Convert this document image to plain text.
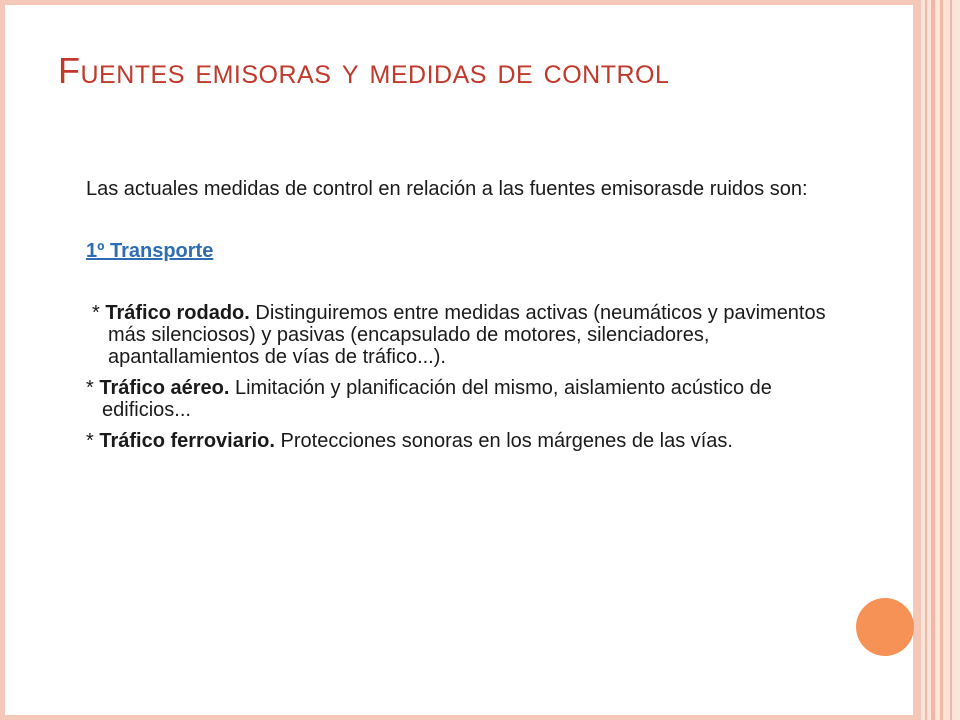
Fuentes emisoras y medidas de control

Las actuales medidas de control en relación a las fuentes emisorasde ruidos son:

1º Transporte

* Tráfico rodado. Distinguiremos entre medidas activas (neumáticos y pavimentos más silenciosos) y pasivas (encapsulado de motores, silenciadores, apantallamientos de vías de tráfico...).

* Tráfico aéreo. Limitación y planificación del mismo, aislamiento acústico de edificios...

* Tráfico ferroviario. Protecciones sonoras en los márgenes de las vías.
